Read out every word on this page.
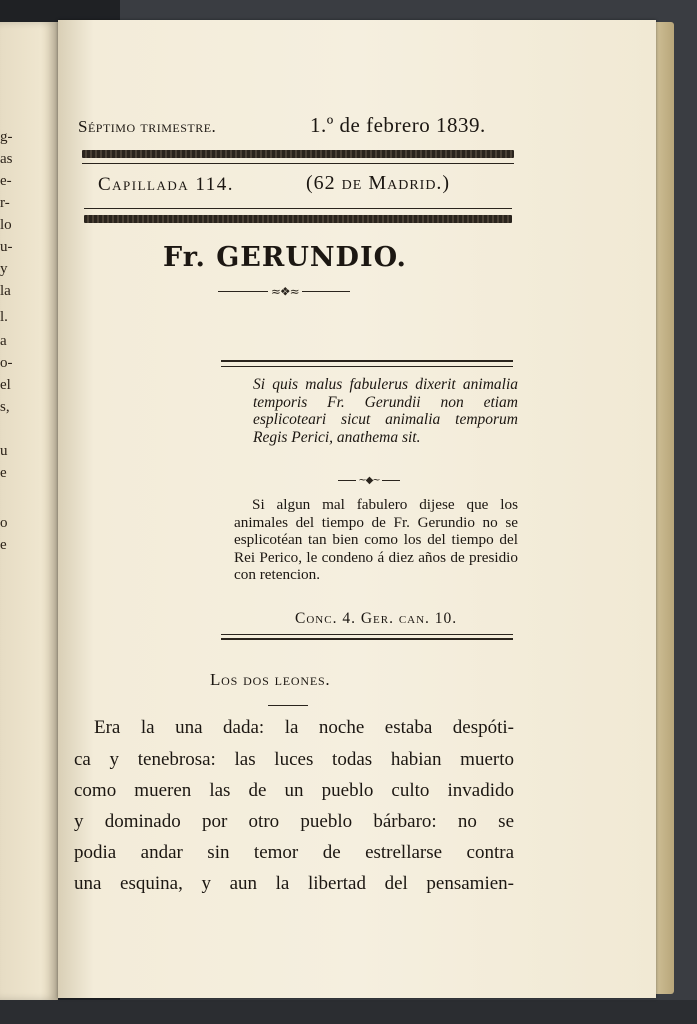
g-
as
e-
r-
lo
u-
y
la
l.
a
o-
el
s,
u
e
o
e
Séptimo trimestre.	1.º de febrero 1839.
Capillada 114.	(62 de Madrid.)
Fr. GERUNDIO.
≈❖≈
Si quis malus fabulerus dixerit animalia temporis Fr. Gerundii non etiam esplicoteari sicut animalia temporum Regis Perici, anathema sit.
~◆~
Si algun mal fabulero dijese que los animales del tiempo de Fr. Gerundio no se esplicotéan tan bien como los del tiempo del Rei Perico, le condeno á diez años de presidio con retencion.
Conc. 4. Ger. can. 10.
Los dos leones.
Era la una dada: la noche estaba despóti-
ca y tenebrosa: las luces todas habian muerto
como mueren las de un pueblo culto invadido
y dominado por otro pueblo bárbaro: no se
podia andar sin temor de estrellarse contra
una esquina, y aun la libertad del pensamien-
